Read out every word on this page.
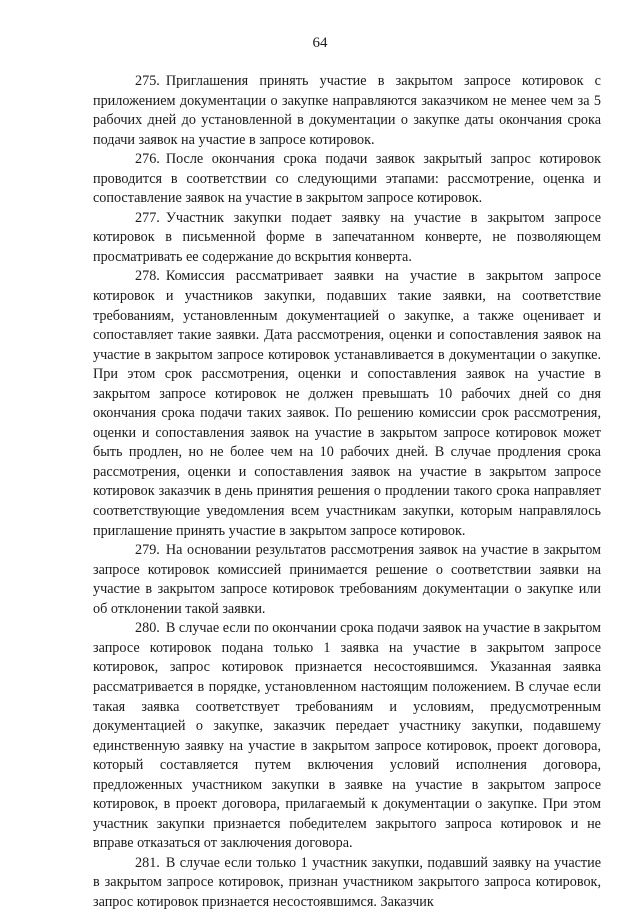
64

275. Приглашения принять участие в закрытом запросе котировок с приложением документации о закупке направляются заказчиком не менее чем за 5 рабочих дней до установленной в документации о закупке даты окончания срока подачи заявок на участие в запросе котировок.

276. После окончания срока подачи заявок закрытый запрос котировок проводится в соответствии со следующими этапами: рассмотрение, оценка и сопоставление заявок на участие в закрытом запросе котировок.

277. Участник закупки подает заявку на участие в закрытом запросе котировок в письменной форме в запечатанном конверте, не позволяющем просматривать ее содержание до вскрытия конверта.

278. Комиссия рассматривает заявки на участие в закрытом запросе котировок и участников закупки, подавших такие заявки, на соответствие требованиям, установленным документацией о закупке, а также оценивает и сопоставляет такие заявки. Дата рассмотрения, оценки и сопоставления заявок на участие в закрытом запросе котировок устанавливается в документации о закупке. При этом срок рассмотрения, оценки и сопоставления заявок на участие в закрытом запросе котировок не должен превышать 10 рабочих дней со дня окончания срока подачи таких заявок. По решению комиссии срок рассмотрения, оценки и сопоставления заявок на участие в закрытом запросе котировок может быть продлен, но не более чем на 10 рабочих дней. В случае продления срока рассмотрения, оценки и сопоставления заявок на участие в закрытом запросе котировок заказчик в день принятия решения о продлении такого срока направляет соответствующие уведомления всем участникам закупки, которым направлялось приглашение принять участие в закрытом запросе котировок.

279. На основании результатов рассмотрения заявок на участие в закрытом запросе котировок комиссией принимается решение о соответствии заявки на участие в закрытом запросе котировок требованиям документации о закупке или об отклонении такой заявки.

280. В случае если по окончании срока подачи заявок на участие в закрытом запросе котировок подана только 1 заявка на участие в закрытом запросе котировок, запрос котировок признается несостоявшимся. Указанная заявка рассматривается в порядке, установленном настоящим положением. В случае если такая заявка соответствует требованиям и условиям, предусмотренным документацией о закупке, заказчик передает участнику закупки, подавшему единственную заявку на участие в закрытом запросе котировок, проект договора, который составляется путем включения условий исполнения договора, предложенных участником закупки в заявке на участие в закрытом запросе котировок, в проект договора, прилагаемый к документации о закупке. При этом участник закупки признается победителем закрытого запроса котировок и не вправе отказаться от заключения договора.

281. В случае если только 1 участник закупки, подавший заявку на участие в закрытом запросе котировок, признан участником закрытого запроса котировок, запрос котировок признается несостоявшимся. Заказчик
